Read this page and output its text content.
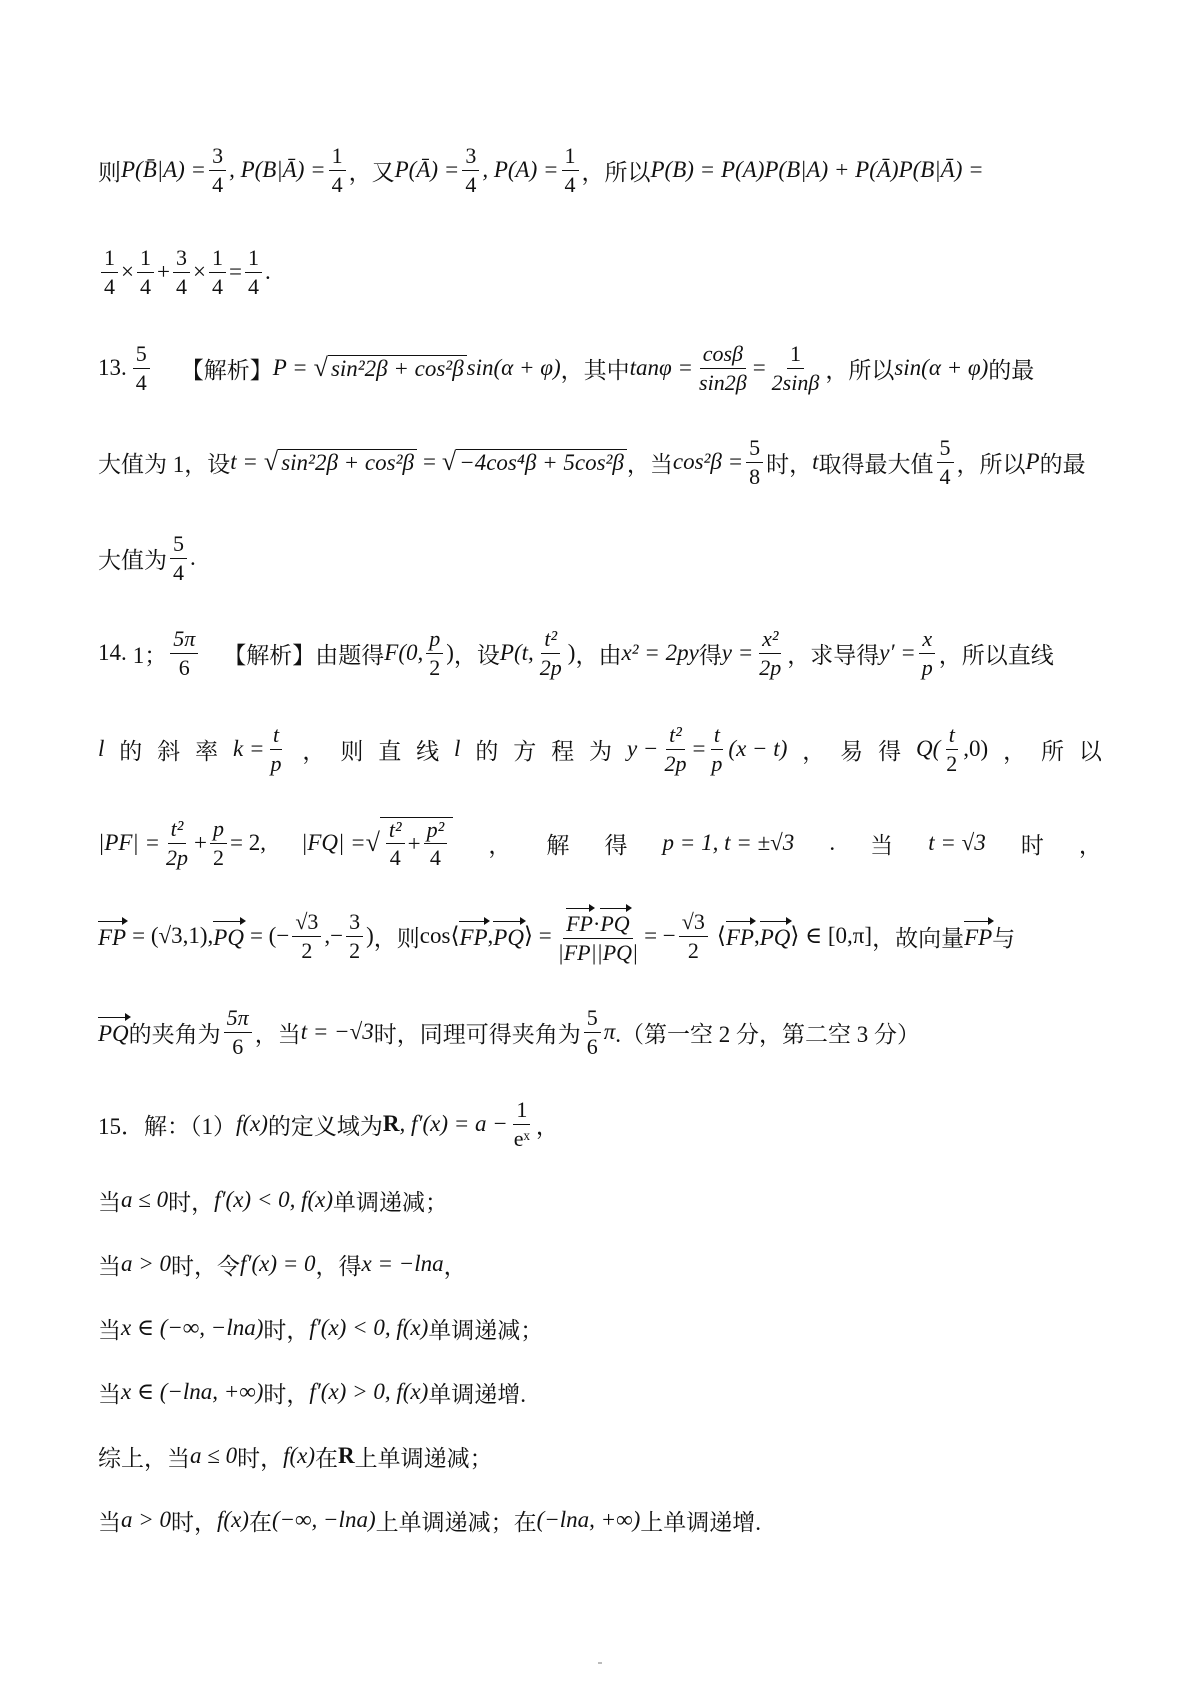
则 P(B̄|A) = $\frac{3}{4}$ , P(B|Ā) = $\frac{1}{4}$ ，又 P(Ā) = $\frac{3}{4}$ , $P(A) = \frac{1}{4}$ ，所以 P(B) = P(A)P(B|A) + P(Ā)P(B|Ā) =
$\frac{1}{4} \times \frac{1}{4} + \frac{3}{4} \times \frac{1}{4} = \frac{1}{4}$ .
13. $\frac{5}{4}$ 【解析】 P = √ sin²2β + cos²β sin(α + φ) ，其中 $\tan\varphi = \frac{\cos\beta}{\sin 2\beta} = \frac{1}{2\sin\beta}$ ，所以 sin(α + φ) 的最
大值为 1，设 t = √ sin²2β + cos²β = √ −4cos⁴β + 5cos²β ，当 $\cos^2\beta = \frac{5}{8}$ 时， t 取得最大值 $\frac{5}{4}$ ，所以 P 的最
大值为 $\frac{5}{4}$ .
14. 1； $\frac{5\pi}{6}$ 【解析】 由题得 F(0, $\frac{p}{2}$ ) ，设 P(t, $\frac{\text{t²}}{2p}$ ) ，由 x² = 2py 得 $y = \frac{\text{x²}}{2p}$ ，求导得 $y' = \frac{x}{p}$ ，所以直线
l 的 斜 率 $k = \frac{t}{p}$ ， 则 直 线 l 的 方 程 为 $y - \frac{\text{t²}}{2p} = \frac{t}{p} (x - t)$ ， 易 得 $Q( \frac{t}{2} ,0)$ ， 所 以
$|PF| = \frac{\text{t²}}{2p} + \frac{p}{2} = 2$, |FQ| = √ $\frac{\text{t²}}{4} + \frac{\text{p²}}{4}$ ， 解 得 p = 1, t = ±√3 . 当 t = √3 时 ，
FP = (√3,1), PQ = (− $\frac{√3}{2}$ ,− $\frac{3}{2}$ ) ，则 cos⟨ FP , PQ ⟩ = $\frac{FP\cdot PQ}{|FP||PQ|}$ = − $\frac{√3}{2}$ ⟨ FP , PQ ⟩ ∈ [0,π] ，故向量 FP 与
PQ 的夹角为 $\frac{5\pi}{6}$ ，当 t = −√3 时，同理可得夹角为 $\frac{5}{6}$ π .（第一空 2 分，第二空 3 分）
15．解：（1） f(x) 的定义域为 R , $f'(x) = a - \frac{1}{\text{eˣ}}$ ，
当 a ≤ 0 时， f′(x) < 0, f(x) 单调递减；
当 a > 0 时，令 f′(x) = 0 ，得 x = −lna ，
当 x ∈ (−∞, −lna) 时， f′(x) < 0, f(x) 单调递减；
当 x ∈ (−lna, +∞) 时， f′(x) > 0, f(x) 单调递增.
综上，当 a ≤ 0 时， f(x) 在 R 上单调递减；
当 a > 0 时， f(x) 在 (−∞, −lna) 上单调递减；在 (−lna, +∞) 上单调递增.
